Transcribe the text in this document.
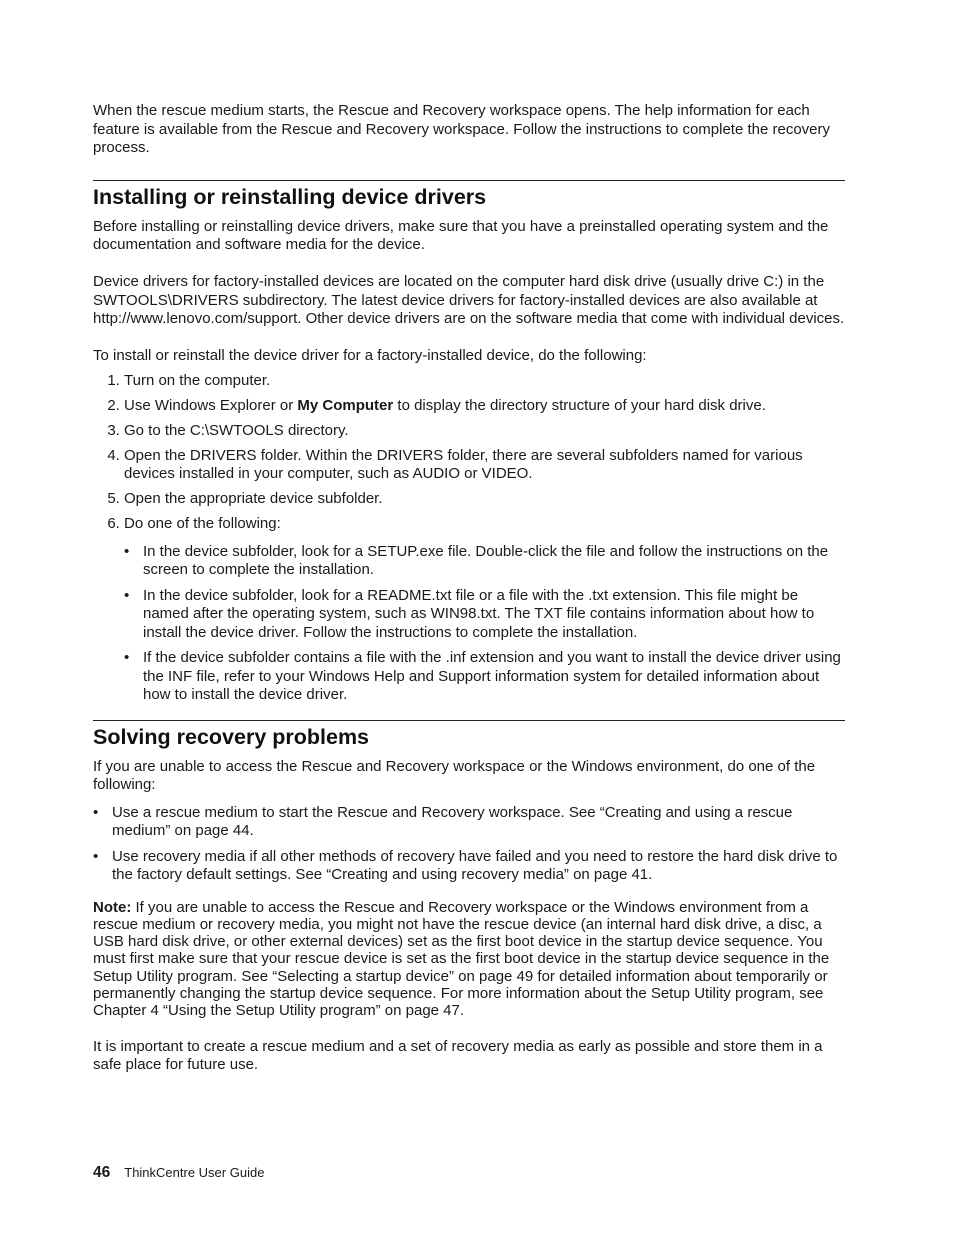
When the rescue medium starts, the Rescue and Recovery workspace opens. The help information for each feature is available from the Rescue and Recovery workspace. Follow the instructions to complete the recovery process.

Installing or reinstalling device drivers

Before installing or reinstalling device drivers, make sure that you have a preinstalled operating system and the documentation and software media for the device.

Device drivers for factory-installed devices are located on the computer hard disk drive (usually drive C:) in the SWTOOLS\DRIVERS subdirectory. The latest device drivers for factory-installed devices are also available at http://www.lenovo.com/support. Other device drivers are on the software media that come with individual devices.

To install or reinstall the device driver for a factory-installed device, do the following:

1. Turn on the computer.
2. Use Windows Explorer or My Computer to display the directory structure of your hard disk drive.
3. Go to the C:\SWTOOLS directory.
4. Open the DRIVERS folder. Within the DRIVERS folder, there are several subfolders named for various devices installed in your computer, such as AUDIO or VIDEO.
5. Open the appropriate device subfolder.
6. Do one of the following:
• In the device subfolder, look for a SETUP.exe file. Double-click the file and follow the instructions on the screen to complete the installation.
• In the device subfolder, look for a README.txt file or a file with the .txt extension. This file might be named after the operating system, such as WIN98.txt. The TXT file contains information about how to install the device driver. Follow the instructions to complete the installation.
• If the device subfolder contains a file with the .inf extension and you want to install the device driver using the INF file, refer to your Windows Help and Support information system for detailed information about how to install the device driver.
Solving recovery problems

If you are unable to access the Rescue and Recovery workspace or the Windows environment, do one of the following:

• Use a rescue medium to start the Rescue and Recovery workspace. See “Creating and using a rescue medium” on page 44.
• Use recovery media if all other methods of recovery have failed and you need to restore the hard disk drive to the factory default settings. See “Creating and using recovery media” on page 41.

Note: If you are unable to access the Rescue and Recovery workspace or the Windows environment from a rescue medium or recovery media, you might not have the rescue device (an internal hard disk drive, a disc, a USB hard disk drive, or other external devices) set as the first boot device in the startup device sequence. You must first make sure that your rescue device is set as the first boot device in the startup device sequence in the Setup Utility program. See “Selecting a startup device” on page 49 for detailed information about temporarily or permanently changing the startup device sequence. For more information about the Setup Utility program, see Chapter 4 “Using the Setup Utility program” on page 47.

It is important to create a rescue medium and a set of recovery media as early as possible and store them in a safe place for future use.

46 ThinkCentre User Guide
